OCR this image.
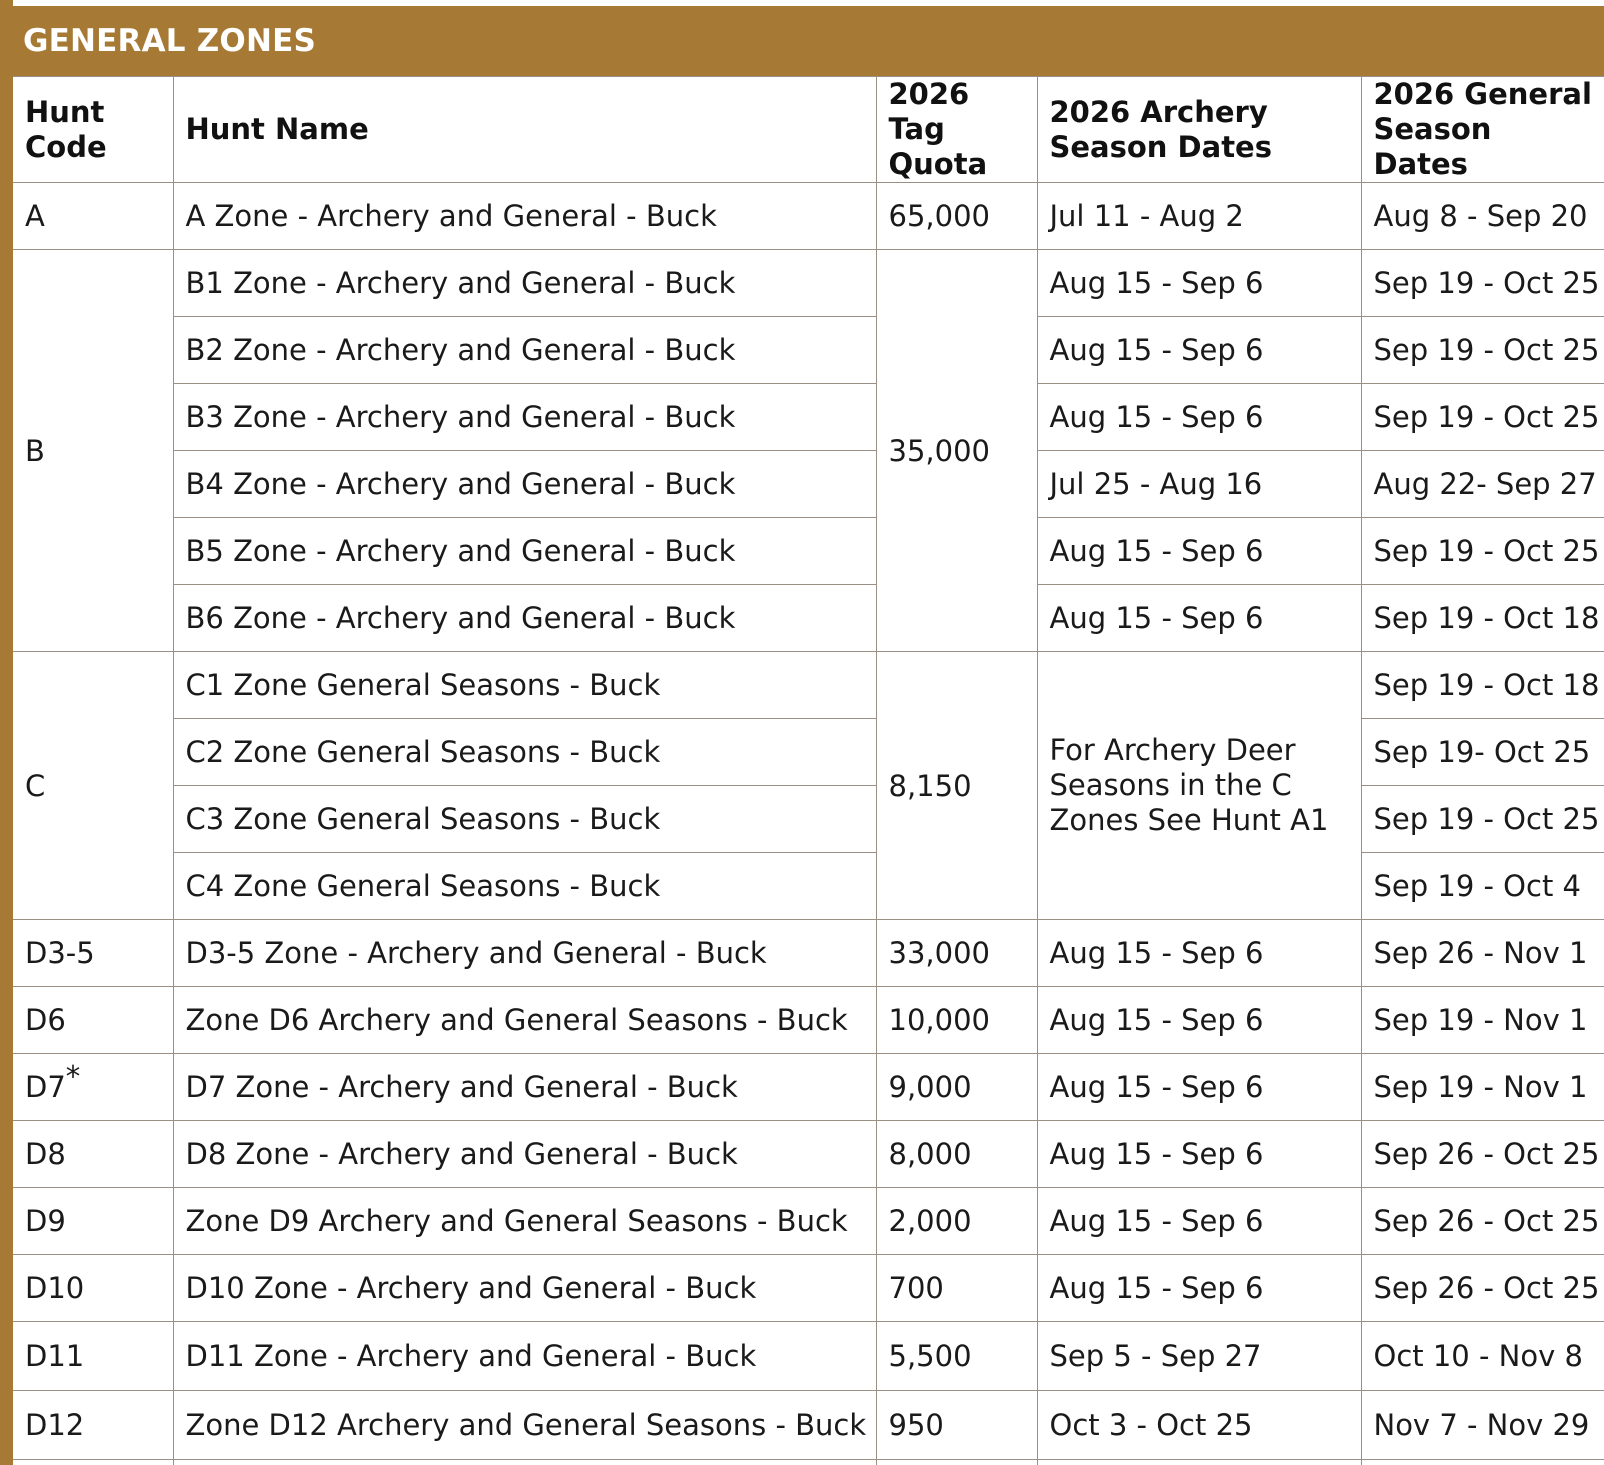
GENERAL ZONES
Hunt Code	Hunt Name	2026 Tag Quota	2026 Archery Season Dates	2026 General Season Dates
A	A Zone - Archery and General - Buck	65,000	Jul 11 - Aug 2	Aug 8 - Sep 20
B	B1 Zone - Archery and General - Buck	35,000	Aug 15 - Sep 6	Sep 19 - Oct 25
	B2 Zone - Archery and General - Buck		Aug 15 - Sep 6	Sep 19 - Oct 25
	B3 Zone - Archery and General - Buck		Aug 15 - Sep 6	Sep 19 - Oct 25
	B4 Zone - Archery and General - Buck		Jul 25 - Aug 16	Aug 22- Sep 27
	B5 Zone - Archery and General - Buck		Aug 15 - Sep 6	Sep 19 - Oct 25
	B6 Zone - Archery and General - Buck		Aug 15 - Sep 6	Sep 19 - Oct 18
C	C1 Zone General Seasons - Buck	8,150	For Archery Deer Seasons in the C Zones See Hunt A1	Sep 19 - Oct 18
	C2 Zone General Seasons - Buck			Sep 19- Oct 25
	C3 Zone General Seasons - Buck			Sep 19 - Oct 25
	C4 Zone General Seasons - Buck			Sep 19 - Oct 4
D3-5	D3-5 Zone - Archery and General - Buck	33,000	Aug 15 - Sep 6	Sep 26 - Nov 1
D6	Zone D6 Archery and General Seasons - Buck	10,000	Aug 15 - Sep 6	Sep 19 - Nov 1
D7*	D7 Zone - Archery and General - Buck	9,000	Aug 15 - Sep 6	Sep 19 - Nov 1
D8	D8 Zone - Archery and General - Buck	8,000	Aug 15 - Sep 6	Sep 26 - Oct 25
D9	Zone D9 Archery and General Seasons - Buck	2,000	Aug 15 - Sep 6	Sep 26 - Oct 25
D10	D10 Zone - Archery and General - Buck	700	Aug 15 - Sep 6	Sep 26 - Oct 25
D11	D11 Zone - Archery and General - Buck	5,500	Sep 5 - Sep 27	Oct 10 - Nov 8
D12	Zone D12 Archery and General Seasons - Buck	950	Oct 3 - Oct 25	Nov 7 - Nov 29
